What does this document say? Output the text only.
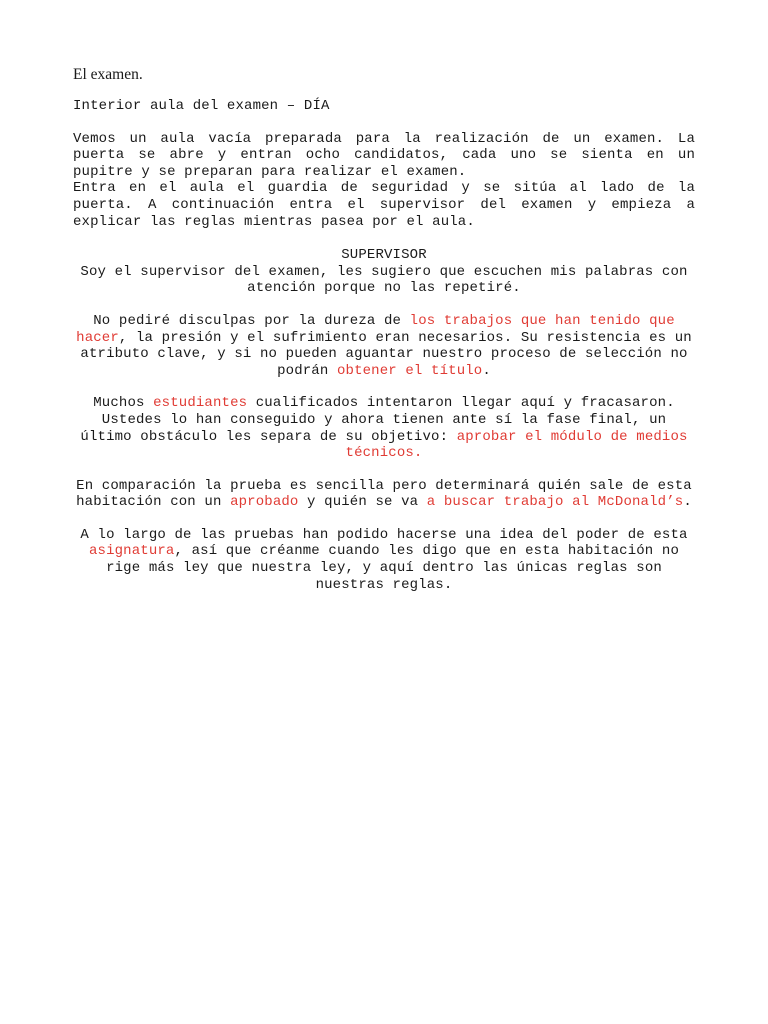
El examen.

Interior aula del examen – DÍA

Vemos un aula vacía preparada para la realización de un examen. La puerta se abre y entran ocho candidatos, cada uno se sienta en un pupitre y se preparan para realizar el examen.

Entra en el aula el guardia de seguridad y se sitúa al lado de la puerta. A continuación entra el supervisor del examen y empieza a explicar las reglas mientras pasea por el aula.

SUPERVISOR

Soy el supervisor del examen, les sugiero que escuchen mis palabras con atención porque no las repetiré.

No pediré disculpas por la dureza de los trabajos que han tenido que hacer, la presión y el sufrimiento eran necesarios. Su resistencia es un atributo clave, y si no pueden aguantar nuestro proceso de selección no podrán obtener el título.

Muchos estudiantes cualificados intentaron llegar aquí y fracasaron. Ustedes lo han conseguido y ahora tienen ante sí la fase final, un último obstáculo les separa de su objetivo: aprobar el módulo de medios técnicos.

En comparación la prueba es sencilla pero determinará quién sale de esta habitación con un aprobado y quién se va a buscar trabajo al McDonald’s.

A lo largo de las pruebas han podido hacerse una idea del poder de esta asignatura, así que créanme cuando les digo que en esta habitación no rige más ley que nuestra ley, y aquí dentro las únicas reglas son nuestras reglas.
